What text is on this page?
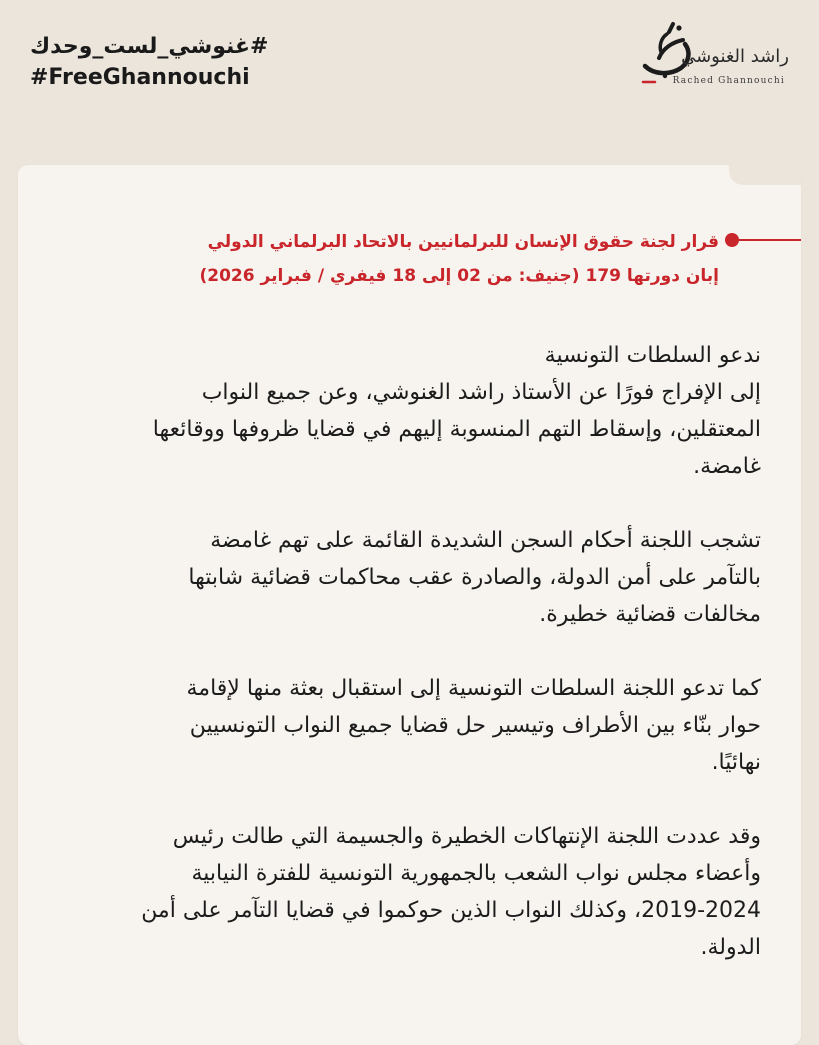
#غنوشي_لست_وحدك
#FreeGhannouchi
راشد الغنوشي
Rached Ghannouchi
قرار لجنة حقوق الإنسان للبرلمانيين بالاتحاد البرلماني الدولي
إبان دورتها 179 (جنيف: من 02 إلى 18 فيفري / فبراير 2026)
ندعو السلطات التونسية
إلى الإفراج فورًا عن الأستاذ راشد الغنوشي، وعن جميع النواب
المعتقلين، وإسقاط التهم المنسوبة إليهم في قضايا ظروفها ووقائعها
غامضة.
تشجب اللجنة أحكام السجن الشديدة القائمة على تهم غامضة
بالتآمر على أمن الدولة، والصادرة عقب محاكمات قضائية شابتها
مخالفات قضائية خطيرة.
كما تدعو اللجنة السلطات التونسية إلى استقبال بعثة منها لإقامة
حوار بنّاء بين الأطراف وتيسير حل قضايا جميع النواب التونسيين
نهائيًا.
وقد عددت اللجنة الإنتهاكات الخطيرة والجسيمة التي طالت رئيس
وأعضاء مجلس نواب الشعب بالجمهورية التونسية للفترة النيابية
2019-2024، وكذلك النواب الذين حوكموا في قضايا التآمر على أمن
الدولة.
